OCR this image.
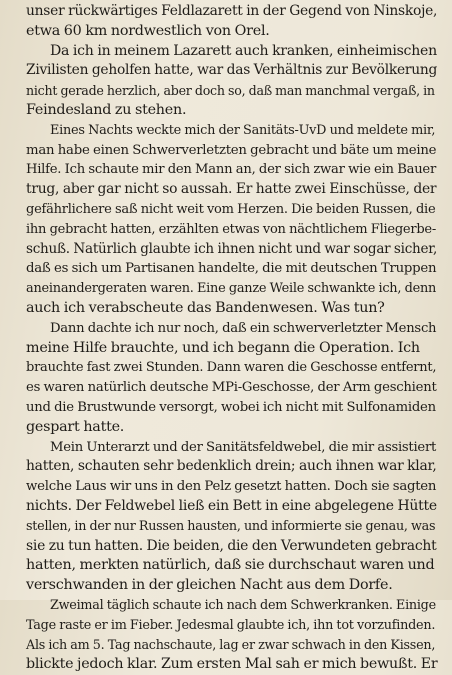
unser rückwärtiges Feldlazarett in der Gegend von Ninskoje,
etwa 60 km nordwestlich von Orel.
Da ich in meinem Lazarett auch kranken, einheimischen
Zivilisten geholfen hatte, war das Verhältnis zur Bevölkerung
nicht gerade herzlich, aber doch so, daß man manchmal vergaß, in
Feindesland zu stehen.
Eines Nachts weckte mich der Sanitäts-UvD und meldete mir,
man habe einen Schwerverletzten gebracht und bäte um meine
Hilfe. Ich schaute mir den Mann an, der sich zwar wie ein Bauer
trug, aber gar nicht so aussah. Er hatte zwei Einschüsse, der
gefährlichere saß nicht weit vom Herzen. Die beiden Russen, die
ihn gebracht hatten, erzählten etwas von nächtlichem Fliegerbe-
schuß. Natürlich glaubte ich ihnen nicht und war sogar sicher,
daß es sich um Partisanen handelte, die mit deutschen Truppen
aneinandergeraten waren. Eine ganze Weile schwankte ich, denn
auch ich verabscheute das Bandenwesen. Was tun?
Dann dachte ich nur noch, daß ein schwerverletzter Mensch
meine Hilfe brauchte, und ich begann die Operation. Ich
brauchte fast zwei Stunden. Dann waren die Geschosse entfernt,
es waren natürlich deutsche MPi-Geschosse, der Arm geschient
und die Brustwunde versorgt, wobei ich nicht mit Sulfonamiden
gespart hatte.
Mein Unterarzt und der Sanitätsfeldwebel, die mir assistiert
hatten, schauten sehr bedenklich drein; auch ihnen war klar,
welche Laus wir uns in den Pelz gesetzt hatten. Doch sie sagten
nichts. Der Feldwebel ließ ein Bett in eine abgelegene Hütte
stellen, in der nur Russen hausten, und informierte sie genau, was
sie zu tun hatten. Die beiden, die den Verwundeten gebracht
hatten, merkten natürlich, daß sie durchschaut waren und
verschwanden in der gleichen Nacht aus dem Dorfe.
Zweimal täglich schaute ich nach dem Schwerkranken. Einige
Tage raste er im Fieber. Jedesmal glaubte ich, ihn tot vorzufinden.
Als ich am 5. Tag nachschaute, lag er zwar schwach in den Kissen,
blickte jedoch klar. Zum ersten Mal sah er mich bewußt. Er
